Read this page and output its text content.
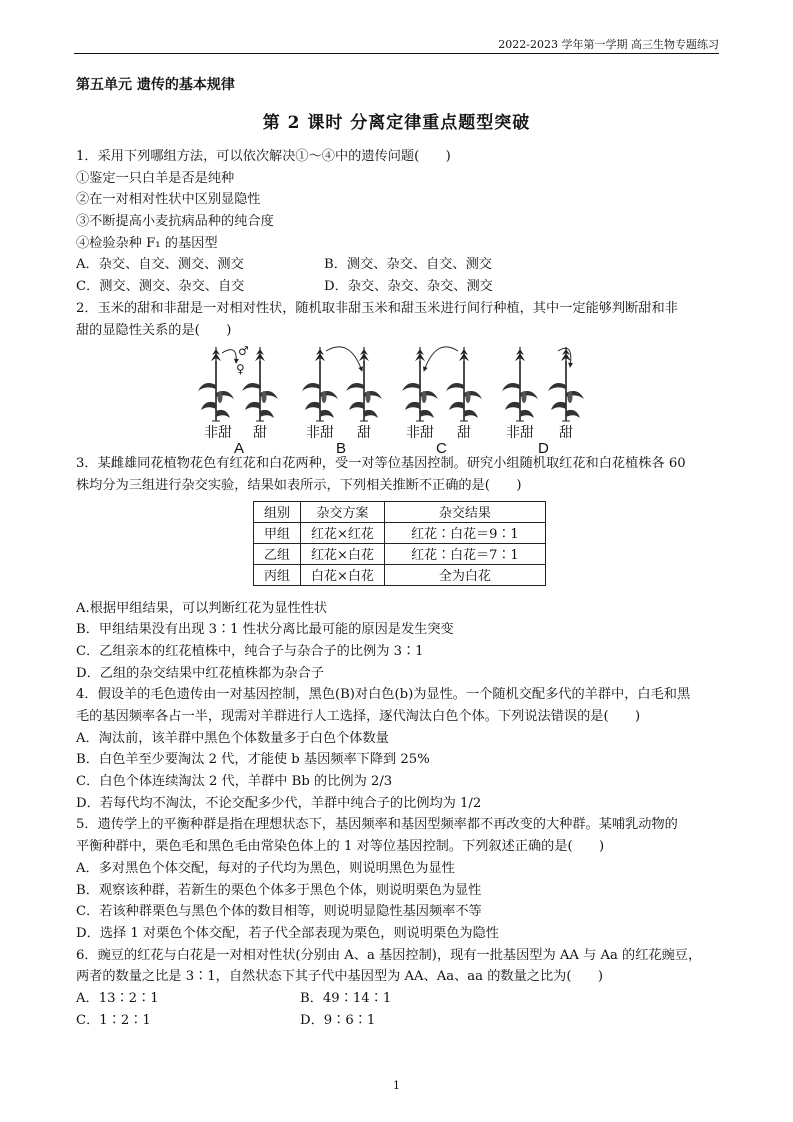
2022-2023 学年第一学期 高三生物专题练习
第五单元 遗传的基本规律
第 2 课时 分离定律重点题型突破
1．采用下列哪组方法，可以依次解决①～④中的遗传问题(　　)
①鉴定一只白羊是否是纯种
②在一对相对性状中区别显隐性
③不断提高小麦抗病品种的纯合度
④检验杂种 F₁ 的基因型
A．杂交、自交、测交、测交	B．测交、杂交、自交、测交
C．测交、测交、杂交、自交	D．杂交、杂交、杂交、测交
2．玉米的甜和非甜是一对相对性状，随机取非甜玉米和甜玉米进行间行种植，其中一定能够判断甜和非
甜的显隐性关系的是(　　)
♂
♀
非甜 甜	非甜 甜	非甜 甜	非甜 甜
A	B	C	D
3．某雌雄同花植物花色有红花和白花两种，受一对等位基因控制。研究小组随机取红花和白花植株各 60
株均分为三组进行杂交实验，结果如表所示，下列相关推断不正确的是(　　)
组别	杂交方案	杂交结果
甲组	红花×红花	红花∶白花＝9∶1
乙组	红花×白花	红花∶白花＝7∶1
丙组	白花×白花	全为白花
A.根据甲组结果，可以判断红花为显性性状
B．甲组结果没有出现 3∶1 性状分离比最可能的原因是发生突变
C．乙组亲本的红花植株中，纯合子与杂合子的比例为 3∶1
D．乙组的杂交结果中红花植株都为杂合子
4．假设羊的毛色遗传由一对基因控制，黑色(B)对白色(b)为显性。一个随机交配多代的羊群中，白毛和黑
毛的基因频率各占一半，现需对羊群进行人工选择，逐代淘汰白色个体。下列说法错误的是(　　)
A．淘汰前，该羊群中黑色个体数量多于白色个体数量
B．白色羊至少要淘汰 2 代，才能使 b 基因频率下降到 25%
C．白色个体连续淘汰 2 代，羊群中 Bb 的比例为 2/3
D．若每代均不淘汰，不论交配多少代，羊群中纯合子的比例均为 1/2
5．遗传学上的平衡种群是指在理想状态下，基因频率和基因型频率都不再改变的大种群。某哺乳动物的
平衡种群中，栗色毛和黑色毛由常染色体上的 1 对等位基因控制。下列叙述正确的是(　　)
A．多对黑色个体交配，每对的子代均为黑色，则说明黑色为显性
B．观察该种群，若新生的栗色个体多于黑色个体，则说明栗色为显性
C．若该种群栗色与黑色个体的数目相等，则说明显隐性基因频率不等
D．选择 1 对栗色个体交配，若子代全部表现为栗色，则说明栗色为隐性
6．豌豆的红花与白花是一对相对性状(分别由 A、a 基因控制)，现有一批基因型为 AA 与 Aa 的红花豌豆，
两者的数量之比是 3∶1，自然状态下其子代中基因型为 AA、Aa、aa 的数量之比为(　　)
A．13∶2∶1	B．49∶14∶1
C．1∶2∶1	D．9∶6∶1
1
